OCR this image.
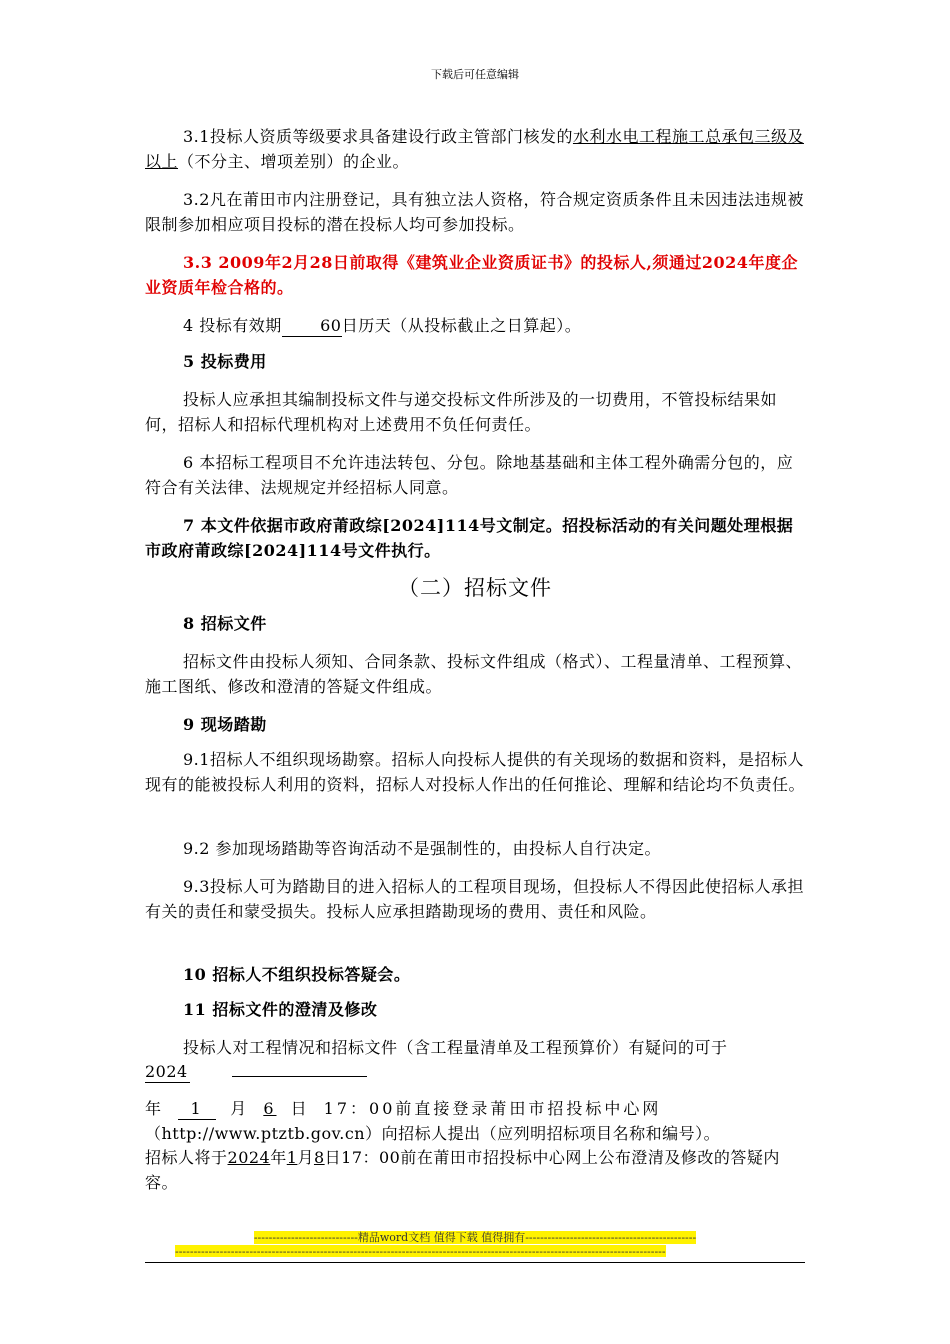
下载后可任意编辑

3.1投标人资质等级要求具备建设行政主管部门核发的水利水电工程施工总承包三级及以上（不分主、增项差别）的企业。

3.2凡在莆田市内注册登记，具有独立法人资格，符合规定资质条件且未因违法违规被限制参加相应项目投标的潜在投标人均可参加投标。

3.3 2009年2月28日前取得《建筑业企业资质证书》的投标人,须通过2024年度企业资质年检合格的。

4 投标有效期 60日历天（从投标截止之日算起）。

5 投标费用

投标人应承担其编制投标文件与递交投标文件所涉及的一切费用，不管投标结果如何，招标人和招标代理机构对上述费用不负任何责任。

6 本招标工程项目不允许违法转包、分包。除地基基础和主体工程外确需分包的，应符合有关法律、法规规定并经招标人同意。

7 本文件依据市政府莆政综[2024]114号文制定。招投标活动的有关问题处理根据市政府莆政综[2024]114号文件执行。

（二）招标文件

8 招标文件

招标文件由投标人须知、合同条款、投标文件组成（格式）、工程量清单、工程预算、施工图纸、修改和澄清的答疑文件组成。

9 现场踏勘

9.1招标人不组织现场勘察。招标人向投标人提供的有关现场的数据和资料，是招标人现有的能被投标人利用的资料，招标人对投标人作出的任何推论、理解和结论均不负责任。

9.2 参加现场踏勘等咨询活动不是强制性的，由投标人自行决定。

9.3投标人可为踏勘目的进入招标人的工程项目现场，但投标人不得因此使招标人承担有关的责任和蒙受损失。投标人应承担踏勘现场的费用、责任和风险。

10 招标人不组织投标答疑会。

11 招标文件的澄清及修改

投标人对工程情况和招标文件（含工程量清单及工程预算价）有疑问的可于

2024
年 1 月 6 日 17：00前直接登录莆田市招投标中心网

（http://www.ptztb.gov.cn）向招标人提出（应列明招标项目名称和编号）。

招标人将于2024年1月8日17：00前在莆田市招投标中心网上公布澄清及修改的答疑内容。

----------------------------精品word文档 值得下载 值得拥有----------------------------------------------
------------------------------------------------------------------------------------------------------------------------------------
